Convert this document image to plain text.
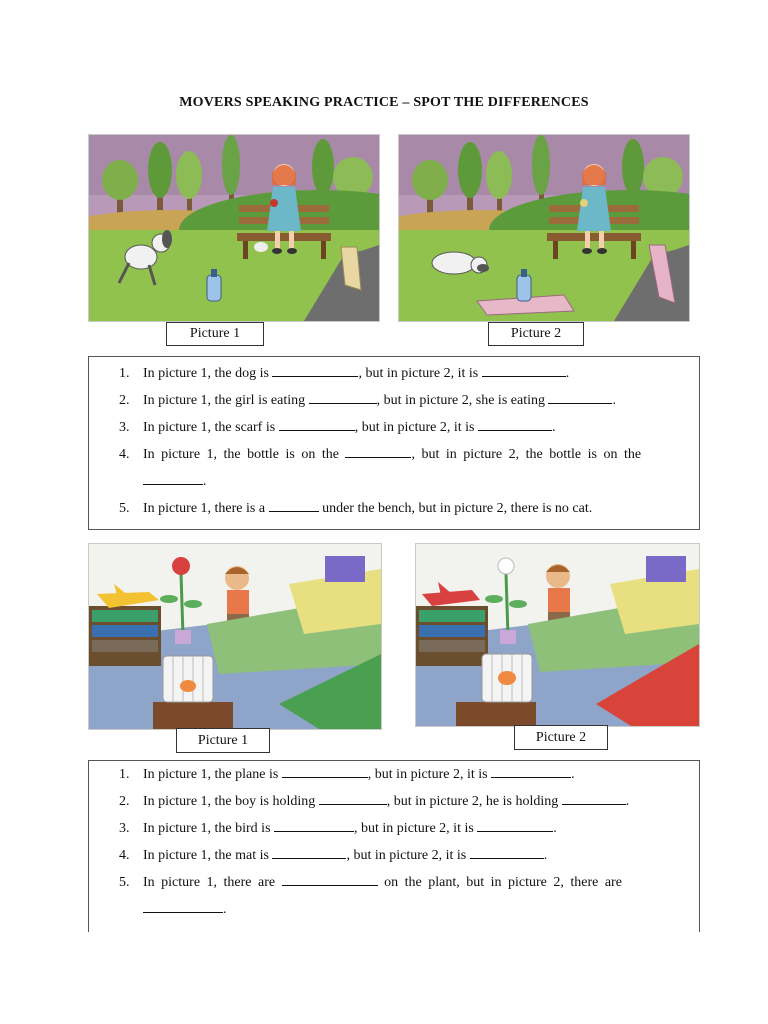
MOVERS SPEAKING PRACTICE – SPOT THE DIFFERENCES
Picture 1	Picture 2
1. In picture 1, the dog is	, but in picture 2, it is	.
2. In picture 1, the girl is eating	, but in picture 2, she is eating	.
3. In picture 1, the scarf is	, but in picture 2, it is	.
4. In picture 1, the bottle is on the	, but in picture 2, the bottle is on the
.
5. In picture 1, there is a	under the bench, but in picture 2, there is no cat.
Picture 1	Picture 2
1. In picture 1, the plane is	, but in picture 2, it is	.
2. In picture 1, the boy is holding	, but in picture 2, he is holding	.
3. In picture 1, the bird is	, but in picture 2, it is	.
4. In picture 1, the mat is	, but in picture 2, it is	.
5. In picture 1, there are	on the plant, but in picture 2, there are
.
